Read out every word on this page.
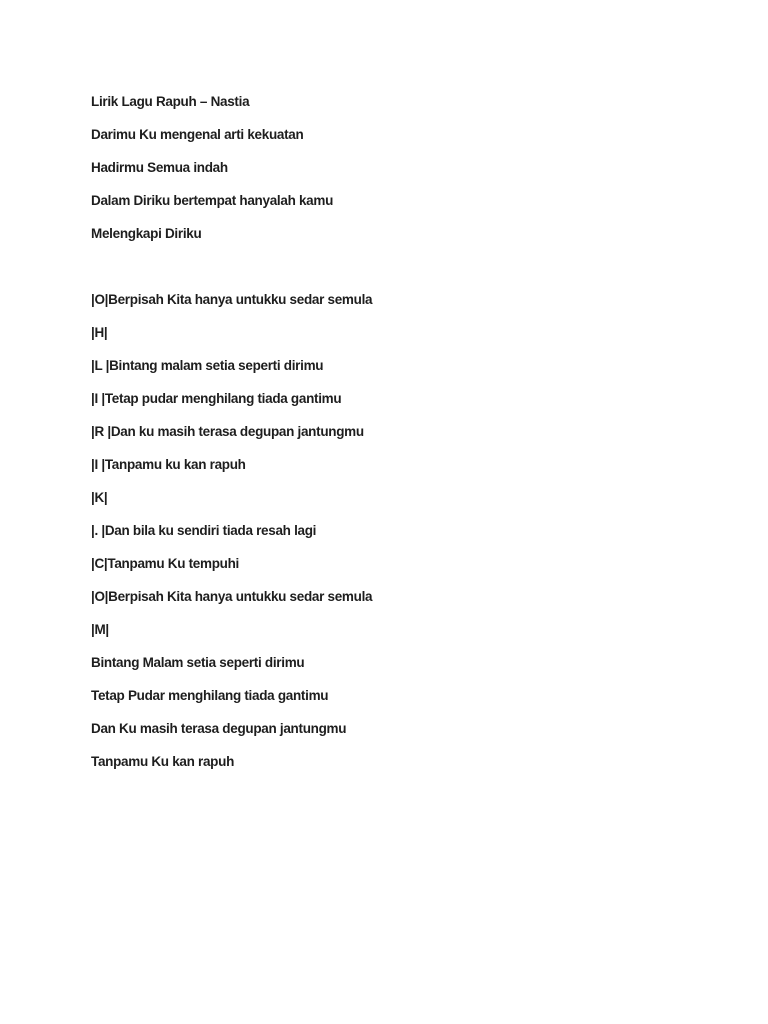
Lirik Lagu Rapuh – Nastia

Darimu Ku mengenal arti kekuatan

Hadirmu Semua indah

Dalam Diriku bertempat hanyalah kamu

Melengkapi Diriku

|O|Berpisah Kita hanya untukku sedar semula

|H|

|L |Bintang malam setia seperti dirimu

|I |Tetap pudar menghilang tiada gantimu

|R |Dan ku masih terasa degupan jantungmu

|I |Tanpamu ku kan rapuh

|K|

|. |Dan bila ku sendiri tiada resah lagi

|C|Tanpamu Ku tempuhi

|O|Berpisah Kita hanya untukku sedar semula

|M|

Bintang Malam setia seperti dirimu

Tetap Pudar menghilang tiada gantimu

Dan Ku masih terasa degupan jantungmu

Tanpamu Ku kan rapuh
